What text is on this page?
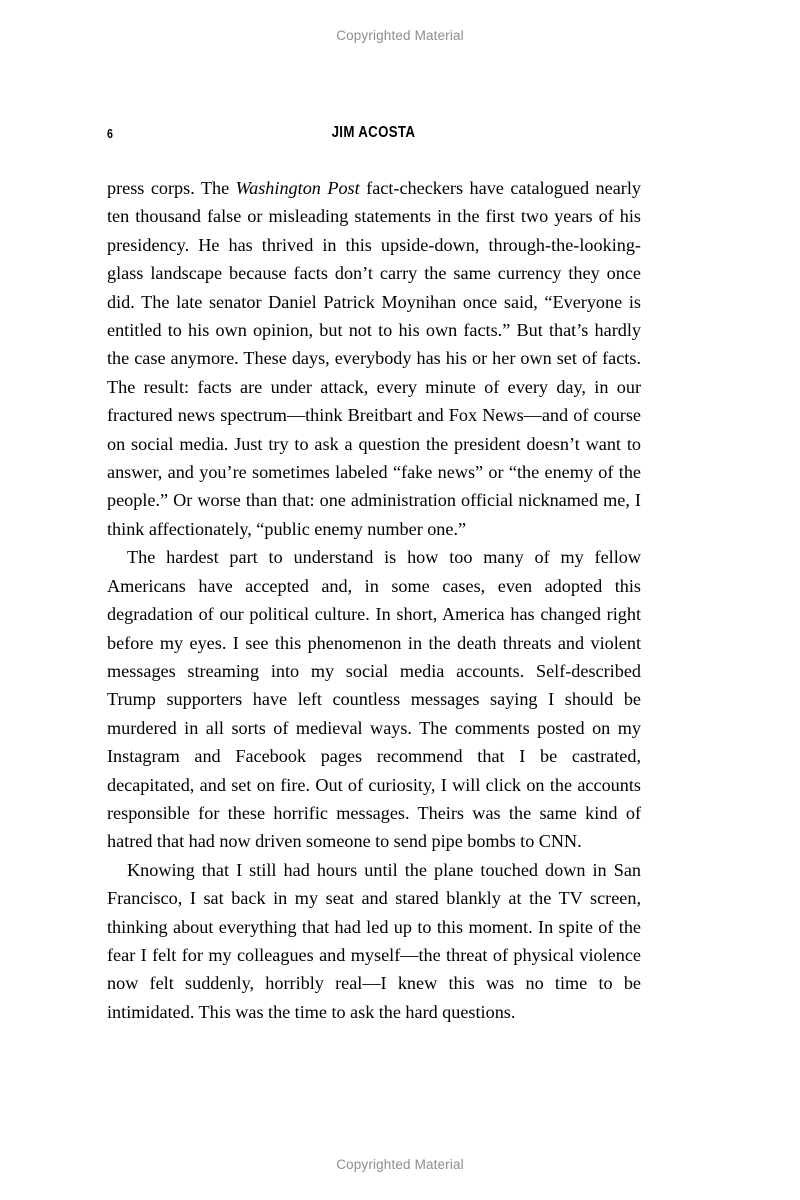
Copyrighted Material
6	JIM ACOSTA

press corps. The Washington Post fact-checkers have catalogued nearly ten thousand false or misleading statements in the first two years of his presidency. He has thrived in this upside-down, through-the-looking-glass landscape because facts don’t carry the same currency they once did. The late senator Daniel Patrick Moynihan once said, “Everyone is entitled to his own opinion, but not to his own facts.” But that’s hardly the case anymore. These days, everybody has his or her own set of facts. The result: facts are under attack, every minute of every day, in our fractured news spectrum—think Breitbart and Fox News—and of course on social media. Just try to ask a question the president doesn’t want to answer, and you’re sometimes labeled “fake news” or “the enemy of the people.” Or worse than that: one administration official nicknamed me, I think affectionately, “public enemy number one.”

The hardest part to understand is how too many of my fellow Americans have accepted and, in some cases, even adopted this degradation of our political culture. In short, America has changed right before my eyes. I see this phenomenon in the death threats and violent messages streaming into my social media accounts. Self-described Trump supporters have left countless messages saying I should be murdered in all sorts of medieval ways. The comments posted on my Instagram and Facebook pages recommend that I be castrated, decapitated, and set on fire. Out of curiosity, I will click on the accounts responsible for these horrific messages. Theirs was the same kind of hatred that had now driven someone to send pipe bombs to CNN.

Knowing that I still had hours until the plane touched down in San Francisco, I sat back in my seat and stared blankly at the TV screen, thinking about everything that had led up to this moment. In spite of the fear I felt for my colleagues and myself—the threat of physical violence now felt suddenly, horribly real—I knew this was no time to be intimidated. This was the time to ask the hard questions.

Copyrighted Material
